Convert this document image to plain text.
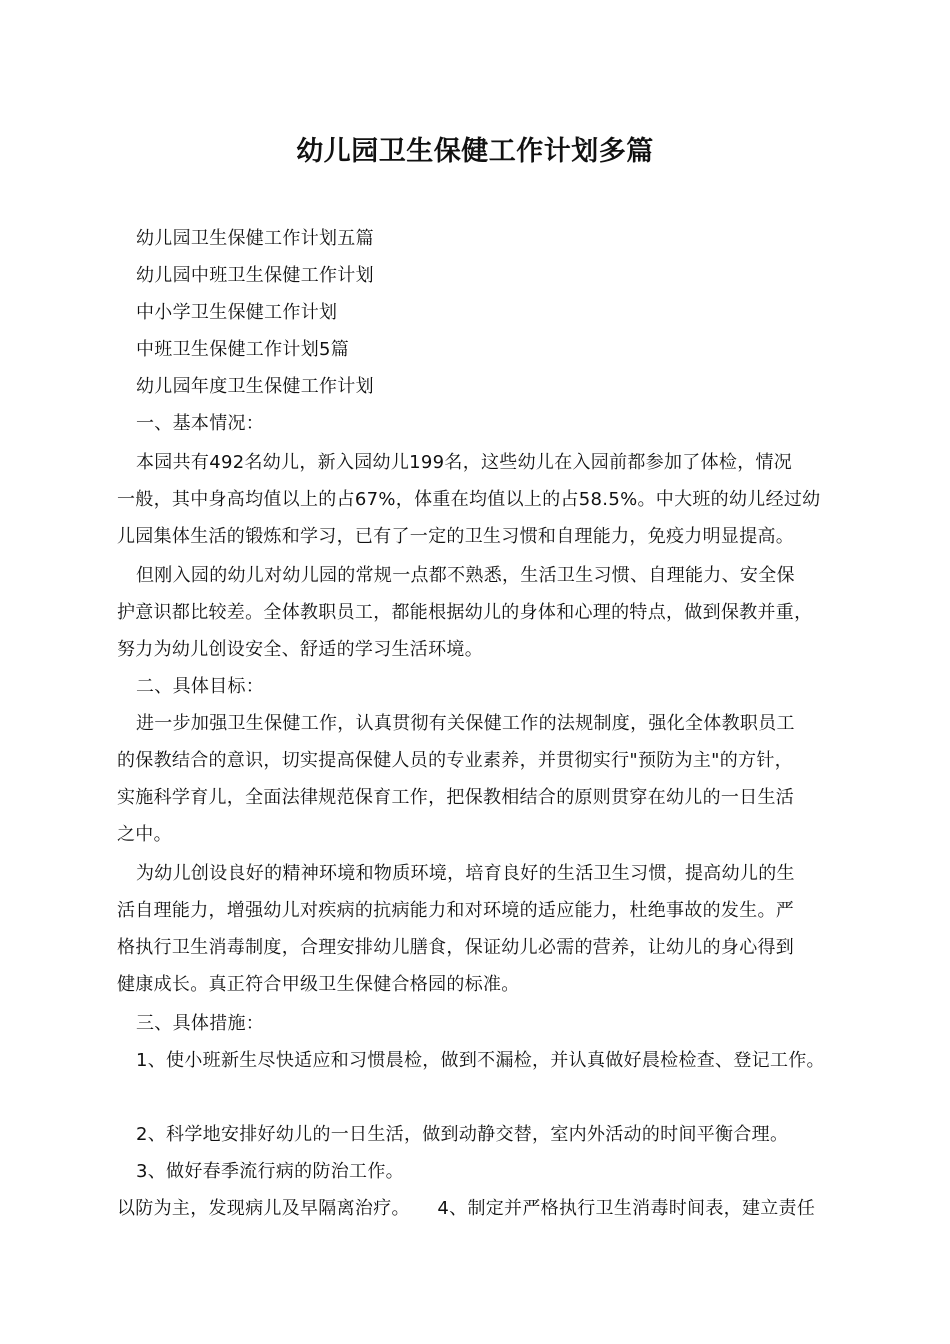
幼儿园卫生保健工作计划多篇
幼儿园卫生保健工作计划五篇
幼儿园中班卫生保健工作计划
中小学卫生保健工作计划
中班卫生保健工作计划5篇
幼儿园年度卫生保健工作计划
一、基本情况：
本园共有492名幼儿，新入园幼儿199名，这些幼儿在入园前都参加了体检，情况
一般，其中身高均值以上的占67%，体重在均值以上的占58.5%。中大班的幼儿经过幼
儿园集体生活的锻炼和学习，已有了一定的卫生习惯和自理能力，免疫力明显提高。
但刚入园的幼儿对幼儿园的常规一点都不熟悉，生活卫生习惯、自理能力、安全保
护意识都比较差。全体教职员工，都能根据幼儿的身体和心理的特点，做到保教并重，
努力为幼儿创设安全、舒适的学习生活环境。
二、具体目标：
进一步加强卫生保健工作，认真贯彻有关保健工作的法规制度，强化全体教职员工
的保教结合的意识，切实提高保健人员的专业素养，并贯彻实行"预防为主"的方针，
实施科学育儿，全面法律规范保育工作，把保教相结合的原则贯穿在幼儿的一日生活
之中。
为幼儿创设良好的精神环境和物质环境，培育良好的生活卫生习惯，提高幼儿的生
活自理能力，增强幼儿对疾病的抗病能力和对环境的适应能力，杜绝事故的发生。严
格执行卫生消毒制度，合理安排幼儿膳食，保证幼儿必需的营养，让幼儿的身心得到
健康成长。真正符合甲级卫生保健合格园的标准。
三、具体措施：
1、使小班新生尽快适应和习惯晨检，做到不漏检，并认真做好晨检检查、登记工作。
2、科学地安排好幼儿的一日生活，做到动静交替，室内外活动的时间平衡合理。
3、做好春季流行病的防治工作。
以防为主，发现病儿及早隔离治疗。　　4、制定并严格执行卫生消毒时间表，建立责任
